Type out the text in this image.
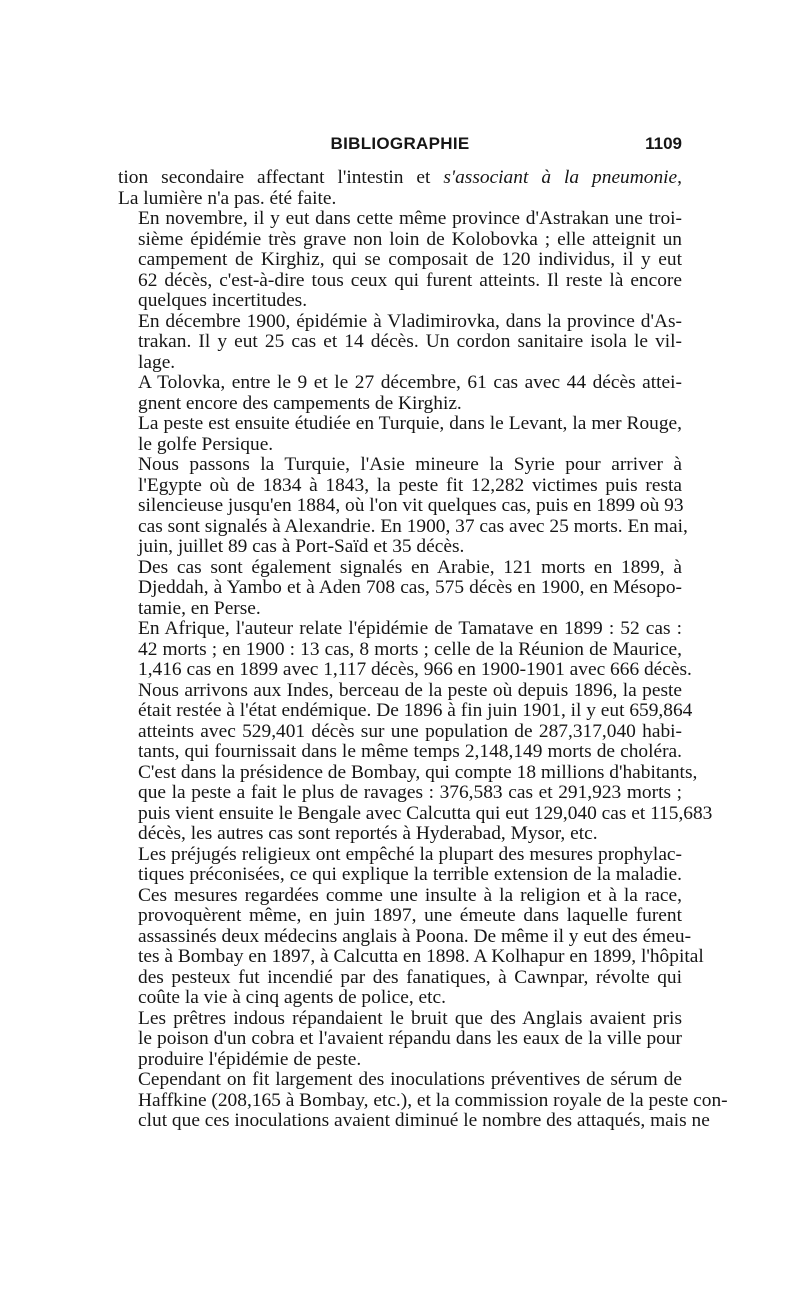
BIBLIOGRAPHIE	1109
tion secondaire affectant l'intestin et s'associant à la pneumonie,
La lumière n'a pas. été faite.
En novembre, il y eut dans cette même province d'Astrakan une troi-
sième épidémie très grave non loin de Kolobovka ; elle atteignit un
campement de Kirghiz, qui se composait de 120 individus, il y eut
62 décès, c'est-à-dire tous ceux qui furent atteints. Il reste là encore
quelques incertitudes.
En décembre 1900, épidémie à Vladimirovka, dans la province d'As-
trakan. Il y eut 25 cas et 14 décès. Un cordon sanitaire isola le vil-
lage.
A Tolovka, entre le 9 et le 27 décembre, 61 cas avec 44 décès attei-
gnent encore des campements de Kirghiz.
La peste est ensuite étudiée en Turquie, dans le Levant, la mer Rouge,
le golfe Persique.
Nous passons la Turquie, l'Asie mineure la Syrie pour arriver à
l'Egypte où de 1834 à 1843, la peste fit 12,282 victimes puis resta
silencieuse jusqu'en 1884, où l'on vit quelques cas, puis en 1899 où 93
cas sont signalés à Alexandrie. En 1900, 37 cas avec 25 morts. En mai,
juin, juillet 89 cas à Port-Saïd et 35 décès.
Des cas sont également signalés en Arabie, 121 morts en 1899, à
Djeddah, à Yambo et à Aden 708 cas, 575 décès en 1900, en Mésopo-
tamie, en Perse.
En Afrique, l'auteur relate l'épidémie de Tamatave en 1899 : 52 cas :
42 morts ; en 1900 : 13 cas, 8 morts ; celle de la Réunion de Maurice,
1,416 cas en 1899 avec 1,117 décès, 966 en 1900-1901 avec 666 décès.
Nous arrivons aux Indes, berceau de la peste où depuis 1896, la peste
était restée à l'état endémique. De 1896 à fin juin 1901, il y eut 659,864
atteints avec 529,401 décès sur une population de 287,317,040 habi-
tants, qui fournissait dans le même temps 2,148,149 morts de choléra.
C'est dans la présidence de Bombay, qui compte 18 millions d'habitants,
que la peste a fait le plus de ravages : 376,583 cas et 291,923 morts ;
puis vient ensuite le Bengale avec Calcutta qui eut 129,040 cas et 115,683
décès, les autres cas sont reportés à Hyderabad, Mysor, etc.
Les préjugés religieux ont empêché la plupart des mesures prophylac-
tiques préconisées, ce qui explique la terrible extension de la maladie.
Ces mesures regardées comme une insulte à la religion et à la race,
provoquèrent même, en juin 1897, une émeute dans laquelle furent
assassinés deux médecins anglais à Poona. De même il y eut des émeu-
tes à Bombay en 1897, à Calcutta en 1898. A Kolhapur en 1899, l'hôpital
des pesteux fut incendié par des fanatiques, à Cawnpar, révolte qui
coûte la vie à cinq agents de police, etc.
Les prêtres indous répandaient le bruit que des Anglais avaient pris
le poison d'un cobra et l'avaient répandu dans les eaux de la ville pour
produire l'épidémie de peste.
Cependant on fit largement des inoculations préventives de sérum de
Haffkine (208,165 à Bombay, etc.), et la commission royale de la peste con-
clut que ces inoculations avaient diminué le nombre des attaqués, mais ne
